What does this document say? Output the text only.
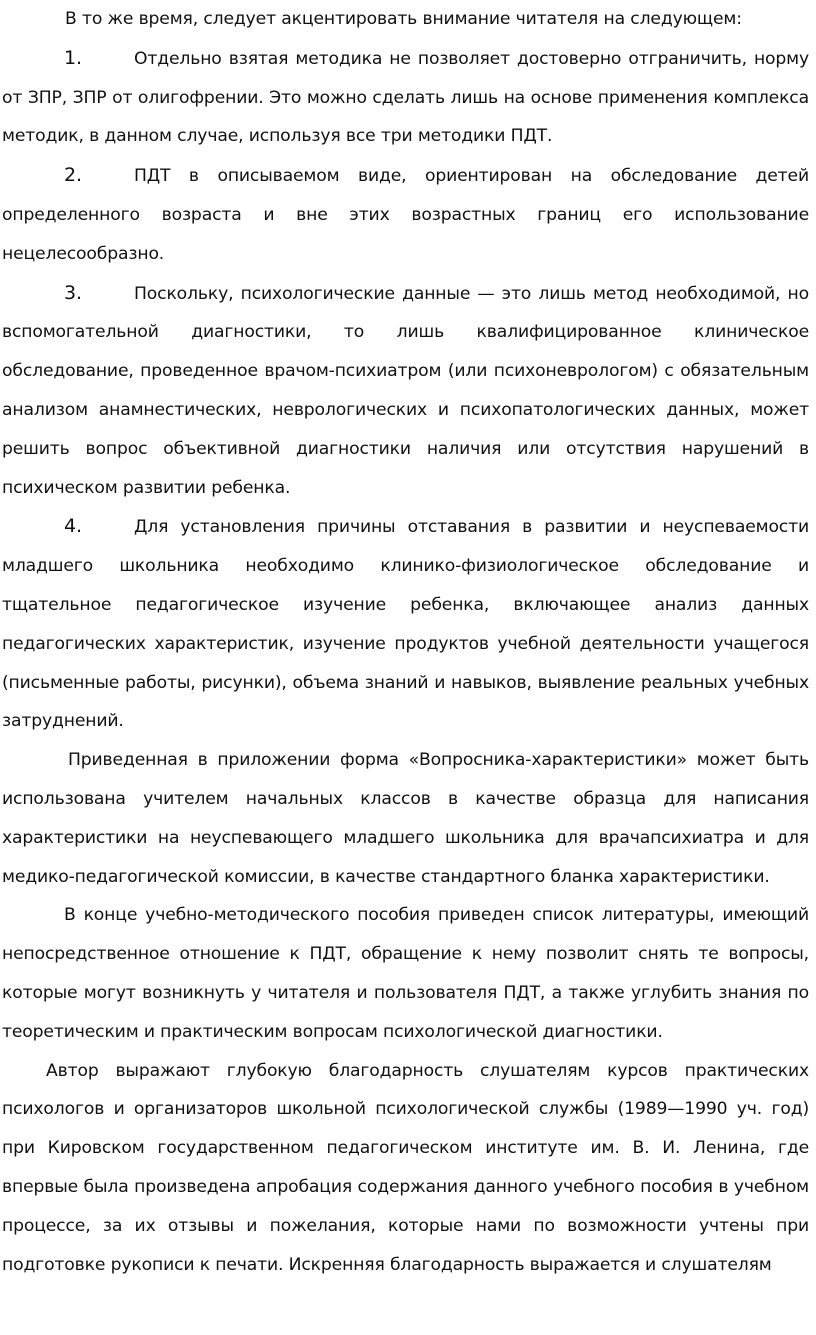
В то же время, следует акцентировать внимание читателя на следующем:

1.	Отдельно взятая методика не позволяет достоверно отграничить, норму от ЗПР, ЗПР от олигофрении. Это можно сделать лишь на основе применения комплекса методик, в данном случае, используя все три методики ПДТ.

2.	ПДТ в описываемом виде, ориентирован на обследование детей определенного возраста и вне этих возрастных границ его использование нецелесообразно.

3.	Поскольку, психологические данные — это лишь метод необходимой, но вспомогательной диагностики, то лишь квалифицированное клиническое обследование, проведенное врачом-психиатром (или психоневрологом) с обязательным анализом анамнестических, неврологических и психопатологических данных, может решить вопрос объективной диагностики наличия или отсутствия нарушений в психическом развитии ребенка.

4.	Для установления причины отставания в развитии и неуспеваемости младшего школьника необходимо клинико-физиологическое обследование и тщательное педагогическое изучение ребенка, включающее анализ данных педагогических характеристик, изучение продуктов учебной деятельности учащегося (письменные работы, рисунки), объема знаний и навыков, выявление реальных учебных затруднений.

Приведенная в приложении форма «Вопросника-характеристики» может быть использована учителем начальных классов в качестве образца для написания характеристики на неуспевающего младшего школьника для врачапсихиатра и для медико-педагогической комиссии, в качестве стандартного бланка характеристики.

В конце учебно-методического пособия приведен список литературы, имеющий непосредственное отношение к ПДТ, обращение к нему позволит снять те вопросы, которые могут возникнуть у читателя и пользователя ПДТ, а также углубить знания по теоретическим и практическим вопросам психологической диагностики.

Автор выражают глубокую благодарность слушателям курсов практических психологов и организаторов школьной психологической службы (1989—1990 уч. год) при Кировском государственном педагогическом институте им. В. И. Ленина, где впервые была произведена апробация содержания данного учебного пособия в учебном процессе, за их отзывы и пожелания, которые нами по возможности учтены при подготовке рукописи к печати. Искренняя благодарность выражается и слушателям
